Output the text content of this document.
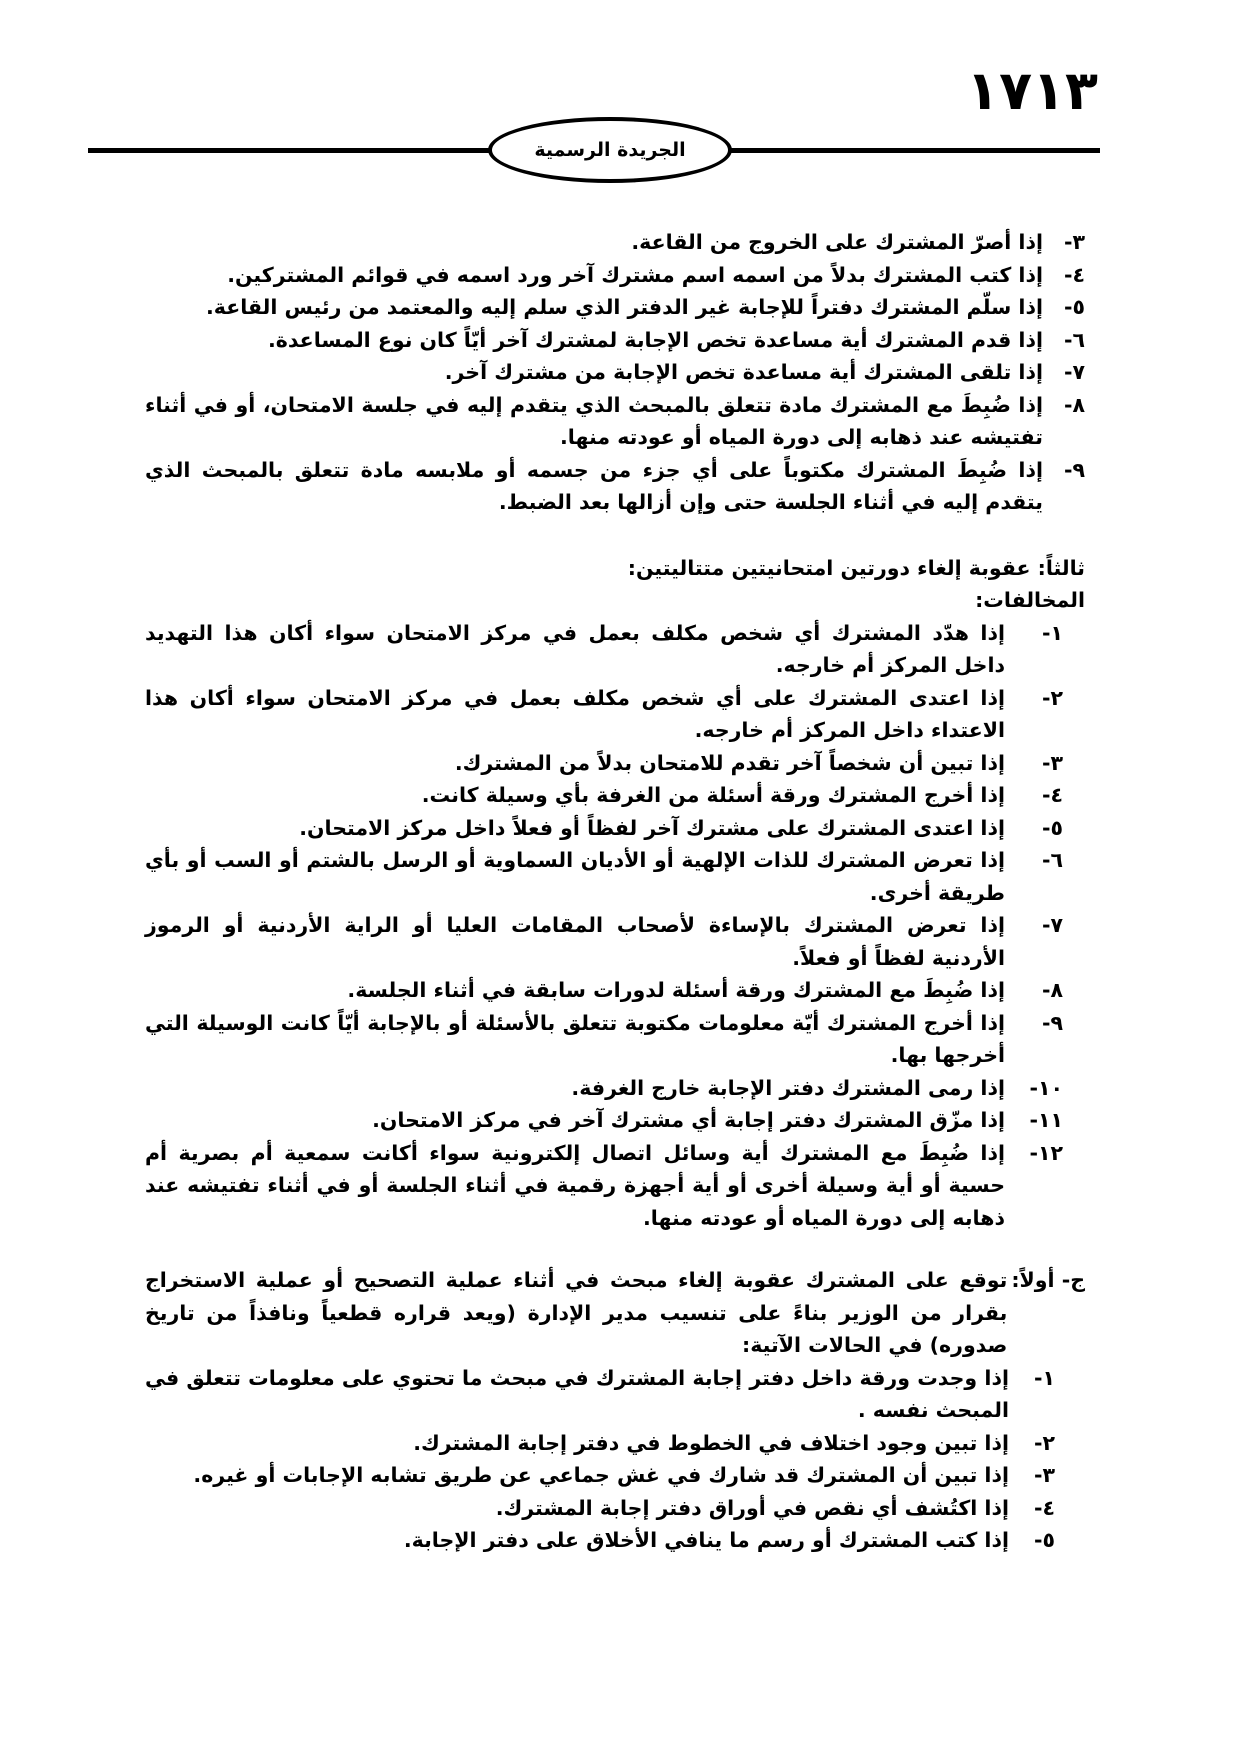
١٧١٣
الجريدة الرسمية
٣-
إذا أصرّ المشترك على الخروج من القاعة.
٤-
إذا كتب المشترك بدلاً من اسمه اسم مشترك آخر ورد اسمه في قوائم المشتركين.
٥-
إذا سلّم المشترك دفتراً للإجابة غير الدفتر الذي سلم إليه والمعتمد من رئيس القاعة.
٦-
إذا قدم المشترك أية مساعدة تخص الإجابة لمشترك آخر أيّاً كان نوع المساعدة.
٧-
إذا تلقى المشترك أية مساعدة تخص الإجابة من مشترك آخر.
٨-
إذا ضُبِطَ مع المشترك مادة تتعلق بالمبحث الذي يتقدم إليه في جلسة الامتحان، أو في أثناء تفتيشه عند ذهابه إلى دورة المياه أو عودته منها.
٩-
إذا ضُبِطَ المشترك مكتوباً على أي جزء من جسمه أو ملابسه مادة تتعلق بالمبحث الذي يتقدم إليه في أثناء الجلسة حتى وإن أزالها بعد الضبط.
ثالثاً: عقوبة إلغاء دورتين امتحانيتين متتاليتين:
المخالفات:
١-
إذا هدّد المشترك أي شخص مكلف بعمل في مركز الامتحان سواء أكان هذا التهديد داخل المركز أم خارجه.
٢-
إذا اعتدى المشترك على أي شخص مكلف بعمل في مركز الامتحان سواء أكان هذا الاعتداء داخل المركز أم خارجه.
٣-
إذا تبين أن شخصاً آخر تقدم للامتحان بدلاً من المشترك.
٤-
إذا أخرج المشترك ورقة أسئلة من الغرفة بأي وسيلة كانت.
٥-
إذا اعتدى المشترك على مشترك آخر لفظاً أو فعلاً داخل مركز الامتحان.
٦-
إذا تعرض المشترك للذات الإلهية أو الأديان السماوية أو الرسل بالشتم أو السب أو بأي طريقة أخرى.
٧-
إذا تعرض المشترك بالإساءة لأصحاب المقامات العليا أو الراية الأردنية أو الرموز الأردنية لفظاً أو فعلاً.
٨-
إذا ضُبِطَ مع المشترك ورقة أسئلة لدورات سابقة في أثناء الجلسة.
٩-
إذا أخرج المشترك أيّة معلومات مكتوبة تتعلق بالأسئلة أو بالإجابة أيّاً كانت الوسيلة التي أخرجها بها.
١٠-
إذا رمى المشترك دفتر الإجابة خارج الغرفة.
١١-
إذا مزّق المشترك دفتر إجابة أي مشترك آخر في مركز الامتحان.
١٢-
إذا ضُبِطَ مع المشترك أية وسائل اتصال إلكترونية سواء أكانت سمعية أم بصرية أم حسية أو أية وسيلة أخرى أو أية أجهزة رقمية في أثناء الجلسة أو في أثناء تفتيشه عند ذهابه إلى دورة المياه أو عودته منها.
ج- أولاً:
توقع على المشترك عقوبة إلغاء مبحث في أثناء عملية التصحيح أو عملية الاستخراج بقرار من الوزير بناءً على تنسيب مدير الإدارة (ويعد قراره قطعياً ونافذاً من تاريخ صدوره) في الحالات الآتية:
١-
إذا وجدت ورقة داخل دفتر إجابة المشترك في مبحث ما تحتوي على معلومات تتعلق في المبحث نفسه .
٢-
إذا تبين وجود اختلاف في الخطوط في دفتر إجابة المشترك.
٣-
إذا تبين أن المشترك قد شارك في غش جماعي عن طريق تشابه الإجابات أو غيره.
٤-
إذا اكتُشف أي نقص في أوراق دفتر إجابة المشترك.
٥-
إذا كتب المشترك أو رسم ما ينافي الأخلاق على دفتر الإجابة.
